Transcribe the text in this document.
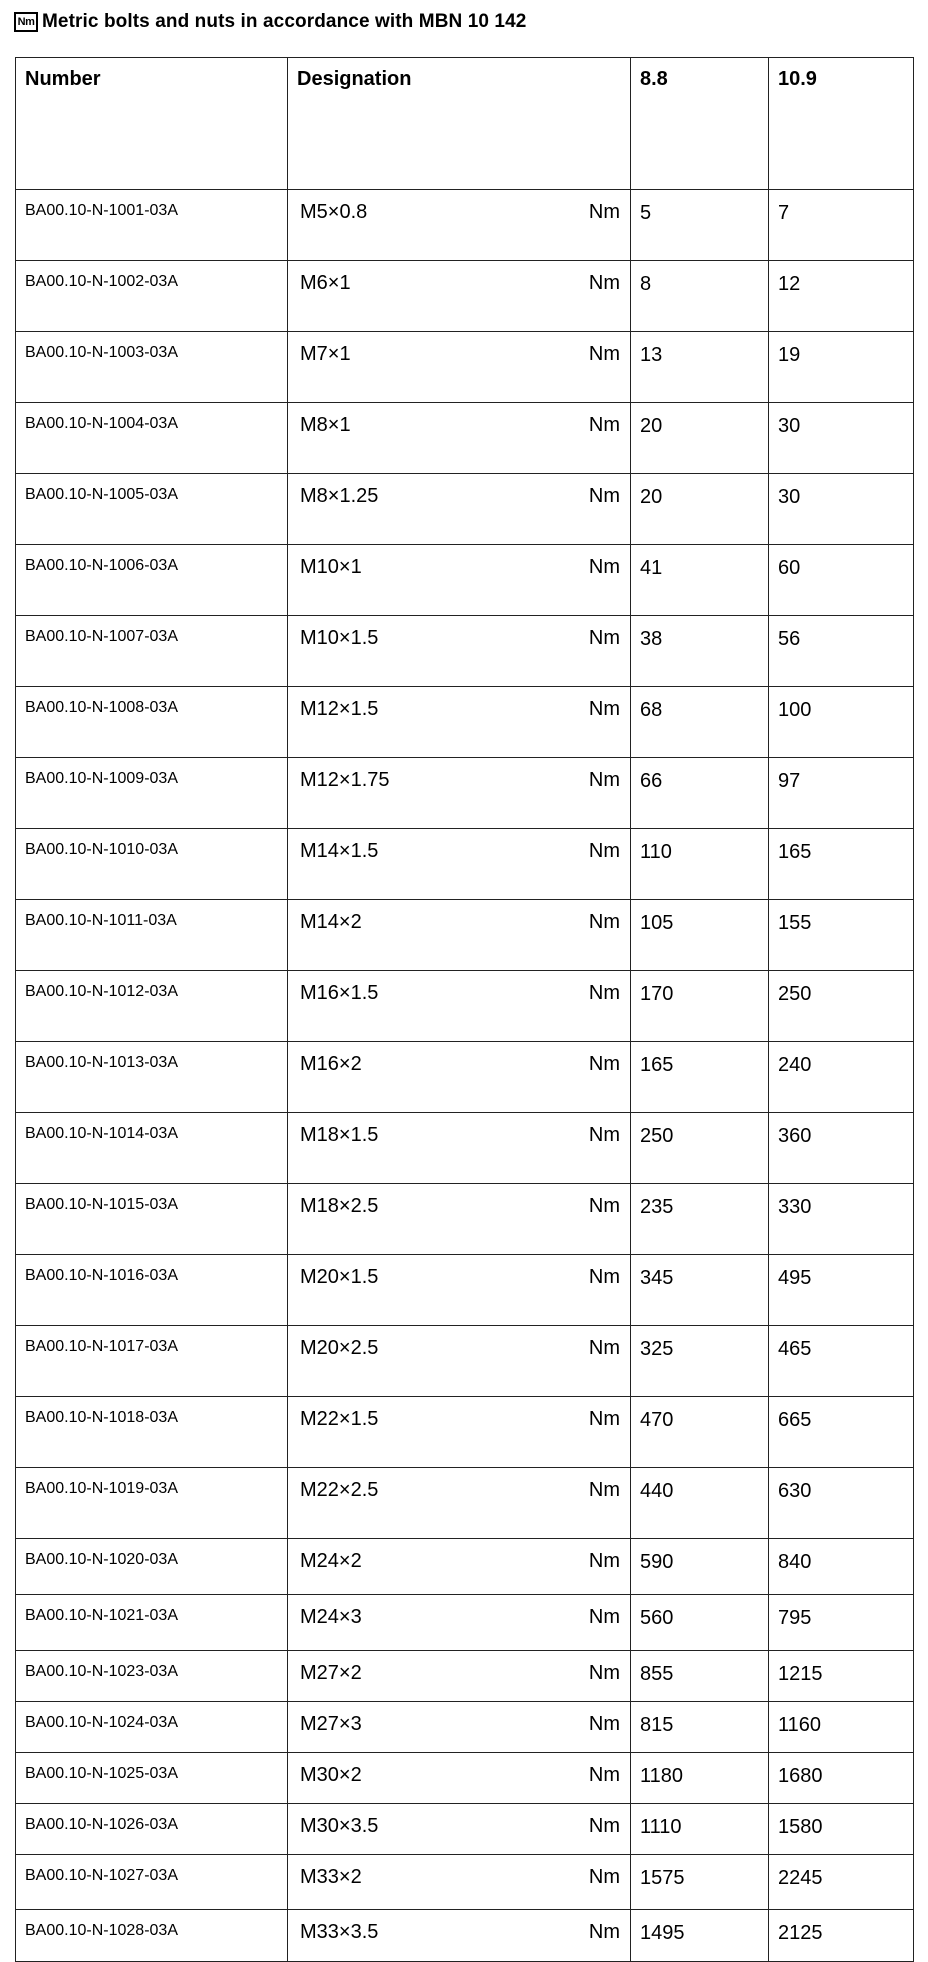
Nm Metric bolts and nuts in accordance with MBN 10 142
Number	Designation	8.8	10.9
BA00.10-N-1001-03A	M5×0.8 Nm	5	7
BA00.10-N-1002-03A	M6×1 Nm	8	12
BA00.10-N-1003-03A	M7×1 Nm	13	19
BA00.10-N-1004-03A	M8×1 Nm	20	30
BA00.10-N-1005-03A	M8×1.25 Nm	20	30
BA00.10-N-1006-03A	M10×1 Nm	41	60
BA00.10-N-1007-03A	M10×1.5 Nm	38	56
BA00.10-N-1008-03A	M12×1.5 Nm	68	100
BA00.10-N-1009-03A	M12×1.75 Nm	66	97
BA00.10-N-1010-03A	M14×1.5 Nm	110	165
BA00.10-N-1011-03A	M14×2 Nm	105	155
BA00.10-N-1012-03A	M16×1.5 Nm	170	250
BA00.10-N-1013-03A	M16×2 Nm	165	240
BA00.10-N-1014-03A	M18×1.5 Nm	250	360
BA00.10-N-1015-03A	M18×2.5 Nm	235	330
BA00.10-N-1016-03A	M20×1.5 Nm	345	495
BA00.10-N-1017-03A	M20×2.5 Nm	325	465
BA00.10-N-1018-03A	M22×1.5 Nm	470	665
BA00.10-N-1019-03A	M22×2.5 Nm	440	630
BA00.10-N-1020-03A	M24×2 Nm	590	840
BA00.10-N-1021-03A	M24×3 Nm	560	795
BA00.10-N-1023-03A	M27×2 Nm	855	1215
BA00.10-N-1024-03A	M27×3 Nm	815	1160
BA00.10-N-1025-03A	M30×2 Nm	1180	1680
BA00.10-N-1026-03A	M30×3.5 Nm	1110	1580
BA00.10-N-1027-03A	M33×2 Nm	1575	2245
BA00.10-N-1028-03A	M33×3.5 Nm	1495	2125
